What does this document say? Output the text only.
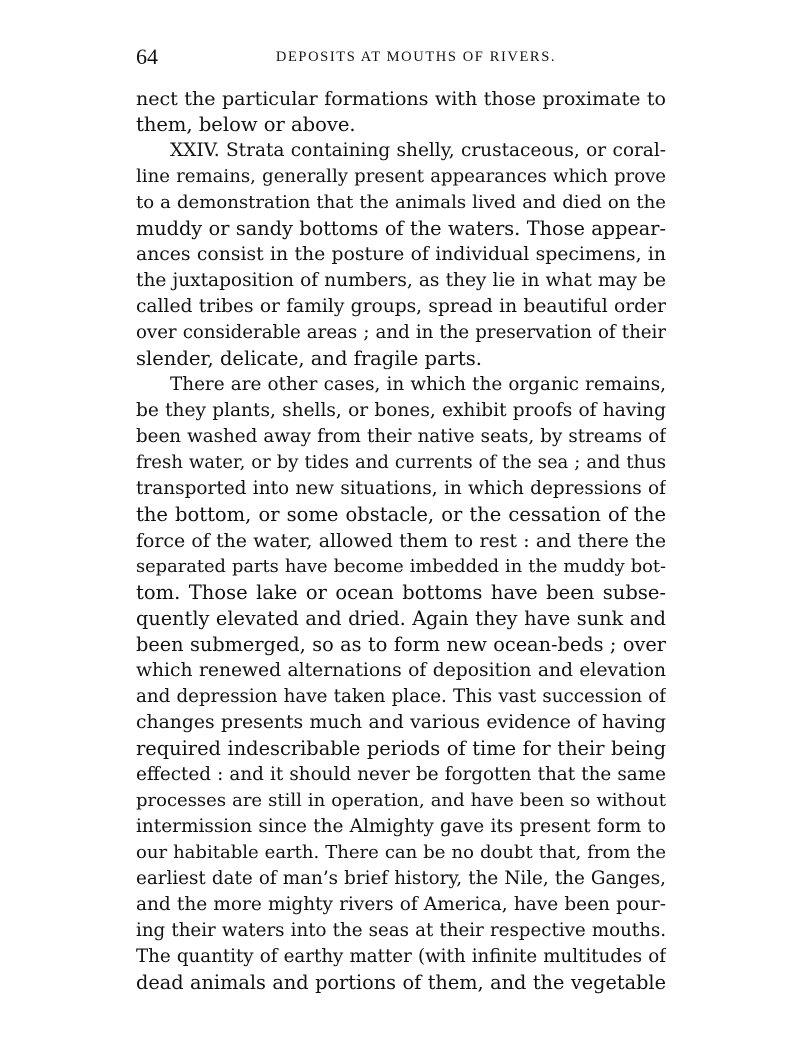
64	DEPOSITS AT MOUTHS OF RIVERS.
nect the particular formations with those proximate to
them, below or above.
XXIV. Strata containing shelly, crustaceous, or coral-
line remains, generally present appearances which prove
to a demonstration that the animals lived and died on the
muddy or sandy bottoms of the waters. Those appear-
ances consist in the posture of individual specimens, in
the juxtaposition of numbers, as they lie in what may be
called tribes or family groups, spread in beautiful order
over considerable areas ; and in the preservation of their
slender, delicate, and fragile parts.
There are other cases, in which the organic remains,
be they plants, shells, or bones, exhibit proofs of having
been washed away from their native seats, by streams of
fresh water, or by tides and currents of the sea ; and thus
transported into new situations, in which depressions of
the bottom, or some obstacle, or the cessation of the
force of the water, allowed them to rest : and there the
separated parts have become imbedded in the muddy bot-
tom. Those lake or ocean bottoms have been subse-
quently elevated and dried. Again they have sunk and
been submerged, so as to form new ocean-beds ; over
which renewed alternations of deposition and elevation
and depression have taken place. This vast succession of
changes presents much and various evidence of having
required indescribable periods of time for their being
effected : and it should never be forgotten that the same
processes are still in operation, and have been so without
intermission since the Almighty gave its present form to
our habitable earth. There can be no doubt that, from the
earliest date of man’s brief history, the Nile, the Ganges,
and the more mighty rivers of America, have been pour-
ing their waters into the seas at their respective mouths.
The quantity of earthy matter (with infinite multitudes of
dead animals and portions of them, and the vegetable
